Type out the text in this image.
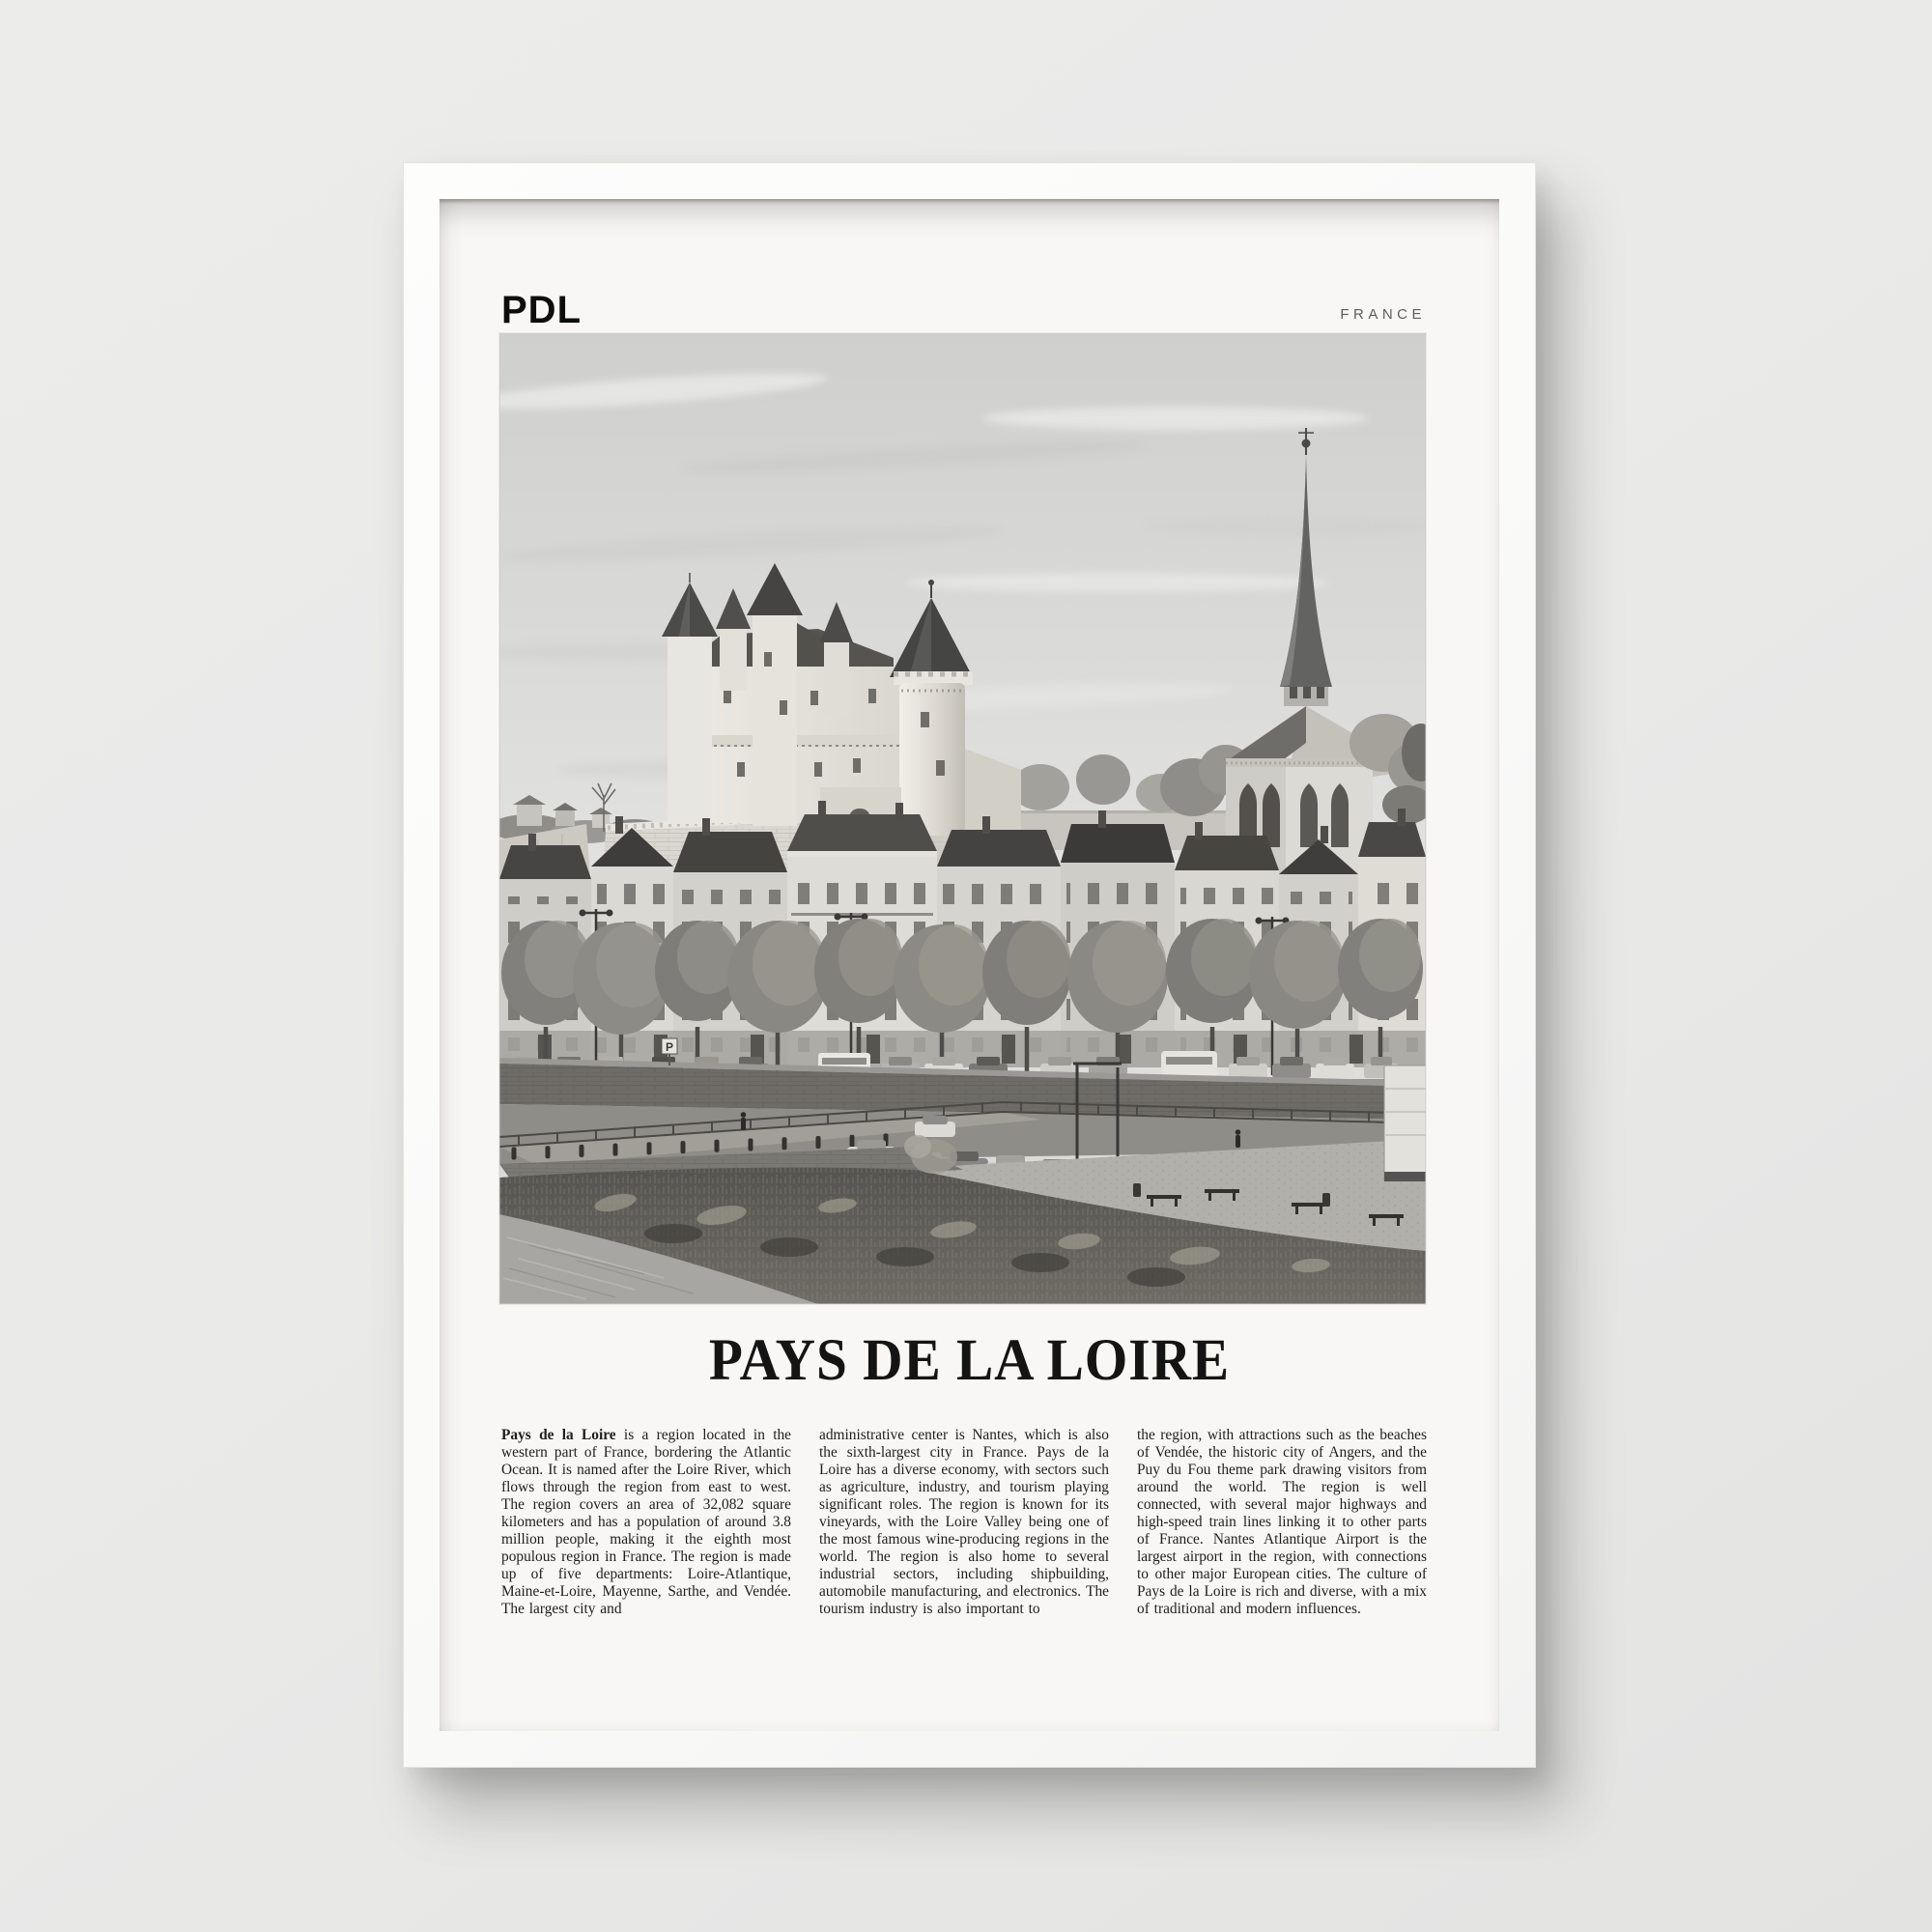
PDL	FRANCE
P
PAYS DE LA LOIRE

Pays de la Loire is a region located in the western part of France, bordering the Atlantic Ocean. It is named after the Loire River, which flows through the region from east to west. The region covers an area of 32,082 square kilometers and has a population of around 3.8 million people, making it the eighth most populous region in France. The region is made up of five departments: Loire-Atlantique, Maine-et-Loire, Mayenne, Sarthe, and Vendée. The largest city and

administrative center is Nantes, which is also the sixth-largest city in France. Pays de la Loire has a diverse economy, with sectors such as agriculture, industry, and tourism playing significant roles. The region is known for its vineyards, with the Loire Valley being one of the most famous wine-producing regions in the world. The region is also home to several industrial sectors, including shipbuilding, automobile manufacturing, and electronics. The tourism industry is also important to

the region, with attractions such as the beaches of Vendée, the historic city of Angers, and the Puy du Fou theme park drawing visitors from around the world. The region is well connected, with several major highways and high-speed train lines linking it to other parts of France. Nantes Atlantique Airport is the largest airport in the region, with connections to other major European cities. The culture of Pays de la Loire is rich and diverse, with a mix of traditional and modern influences.
